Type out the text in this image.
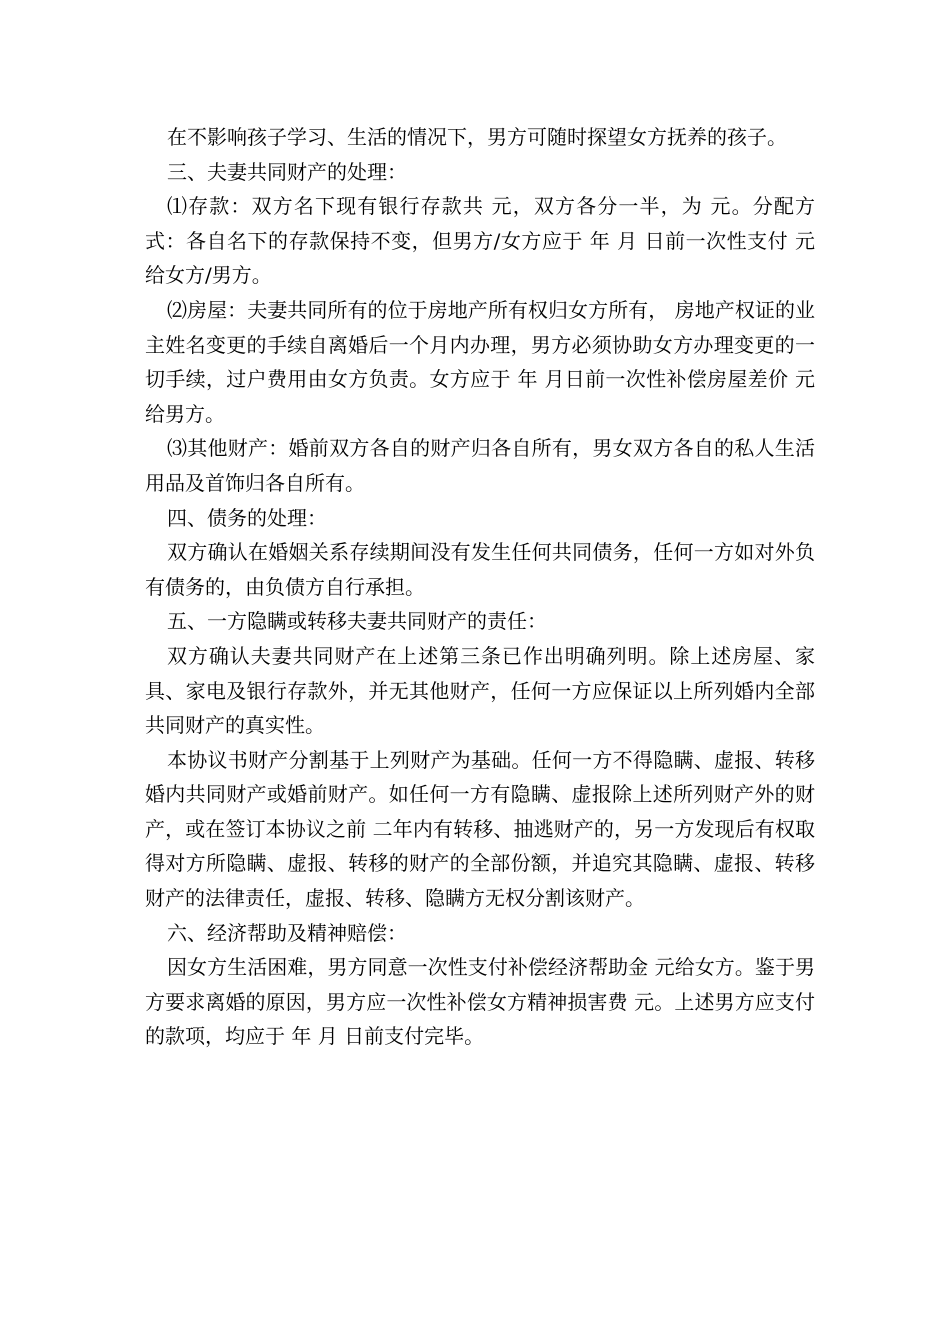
在不影响孩子学习、生活的情况下，男方可随时探望女方抚养的孩子。

三、夫妻共同财产的处理：

⑴存款：双方名下现有银行存款共 元，双方各分一半，为 元。分配方式：各自名下的存款保持不变，但男方/女方应于 年 月 日前一次性支付 元给女方/男方。

⑵房屋：夫妻共同所有的位于房地产所有权归女方所有， 房地产权证的业主姓名变更的手续自离婚后一个月内办理，男方必须协助女方办理变更的一切手续，过户费用由女方负责。女方应于 年 月日前一次性补偿房屋差价 元给男方。

⑶其他财产：婚前双方各自的财产归各自所有，男女双方各自的私人生活用品及首饰归各自所有。

四、债务的处理：

双方确认在婚姻关系存续期间没有发生任何共同债务，任何一方如对外负有债务的，由负债方自行承担。

五、一方隐瞒或转移夫妻共同财产的责任：

双方确认夫妻共同财产在上述第三条已作出明确列明。除上述房屋、家具、家电及银行存款外，并无其他财产，任何一方应保证以上所列婚内全部共同财产的真实性。

本协议书财产分割基于上列财产为基础。任何一方不得隐瞒、虚报、转移婚内共同财产或婚前财产。如任何一方有隐瞒、虚报除上述所列财产外的财产，或在签订本协议之前 二年内有转移、抽逃财产的，另一方发现后有权取得对方所隐瞒、虚报、转移的财产的全部份额，并追究其隐瞒、虚报、转移财产的法律责任，虚报、转移、隐瞒方无权分割该财产。

六、经济帮助及精神赔偿：

因女方生活困难，男方同意一次性支付补偿经济帮助金 元给女方。鉴于男方要求离婚的原因，男方应一次性补偿女方精神损害费 元。上述男方应支付的款项，均应于 年 月 日前支付完毕。
